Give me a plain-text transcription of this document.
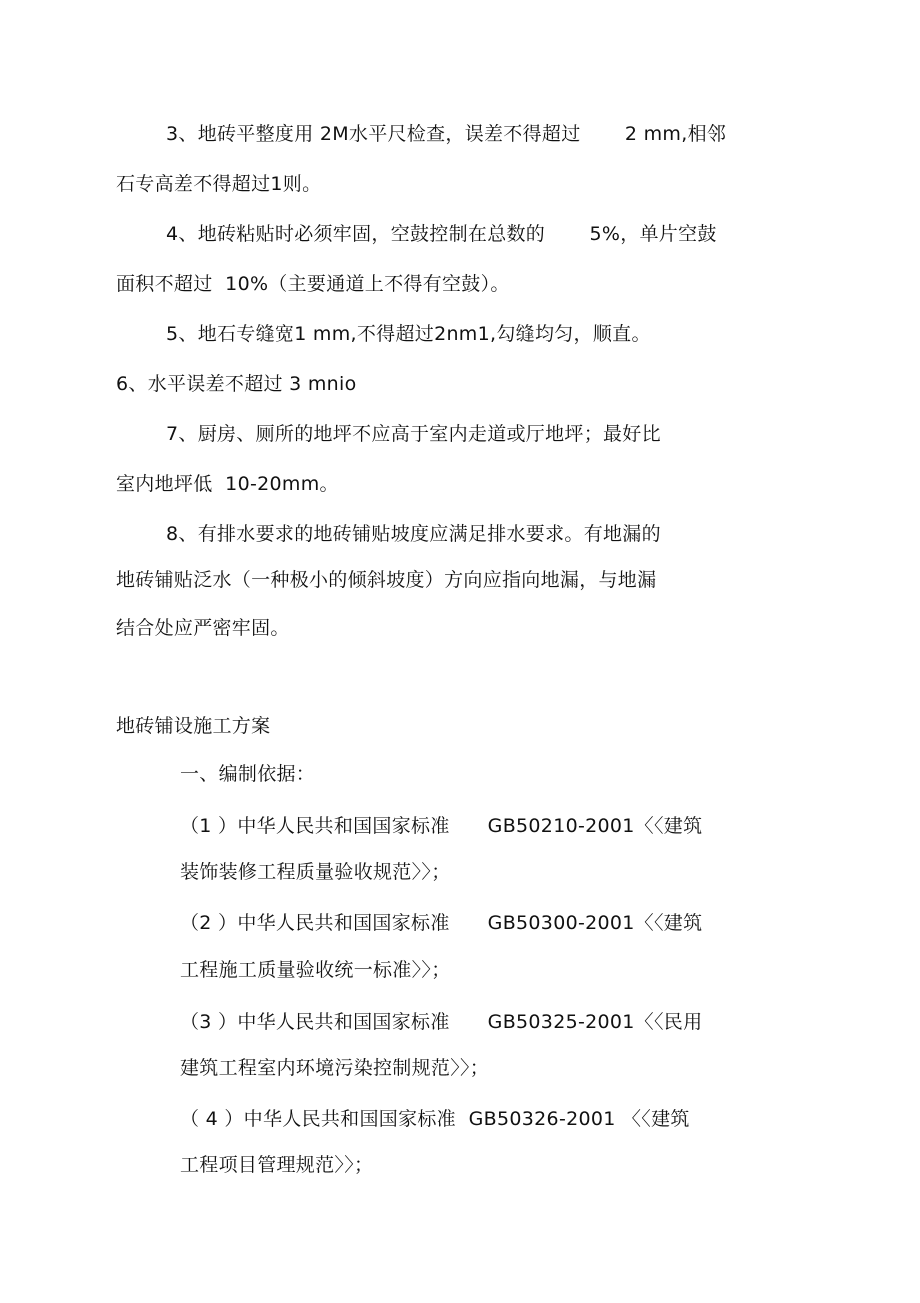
3、地砖平整度用 2M水平尺检查，误差不得超过       2 mm,相邻
石专高差不得超过1则。
4、地砖粘贴时必须牢固，空鼓控制在总数的       5%，单片空鼓
面积不超过  10%（主要通道上不得有空鼓）。
5、地石专缝宽1 mm,不得超过2nm1,勾缝均匀，顺直。
6、水平误差不超过 3 mnio
7、厨房、厕所的地坪不应高于室内走道或厅地坪；最好比
室内地坪低  10-20mm。
8、有排水要求的地砖铺贴坡度应满足排水要求。有地漏的
地砖铺贴泛水（一种极小的倾斜坡度）方向应指向地漏，与地漏
结合处应严密牢固。
地砖铺设施工方案
一、编制依据：
（1 ）中华人民共和国国家标准      GB50210-2001〈〈建筑
装饰装修工程质量验收规范〉〉；
（2 ）中华人民共和国国家标准      GB50300-2001〈〈建筑
工程施工质量验收统一标准〉〉；
（3 ）中华人民共和国国家标准      GB50325-2001〈〈民用
建筑工程室内环境污染控制规范〉〉；
（ 4 ）中华人民共和国国家标准  GB50326-2001 〈〈建筑
工程项目管理规范〉〉；
